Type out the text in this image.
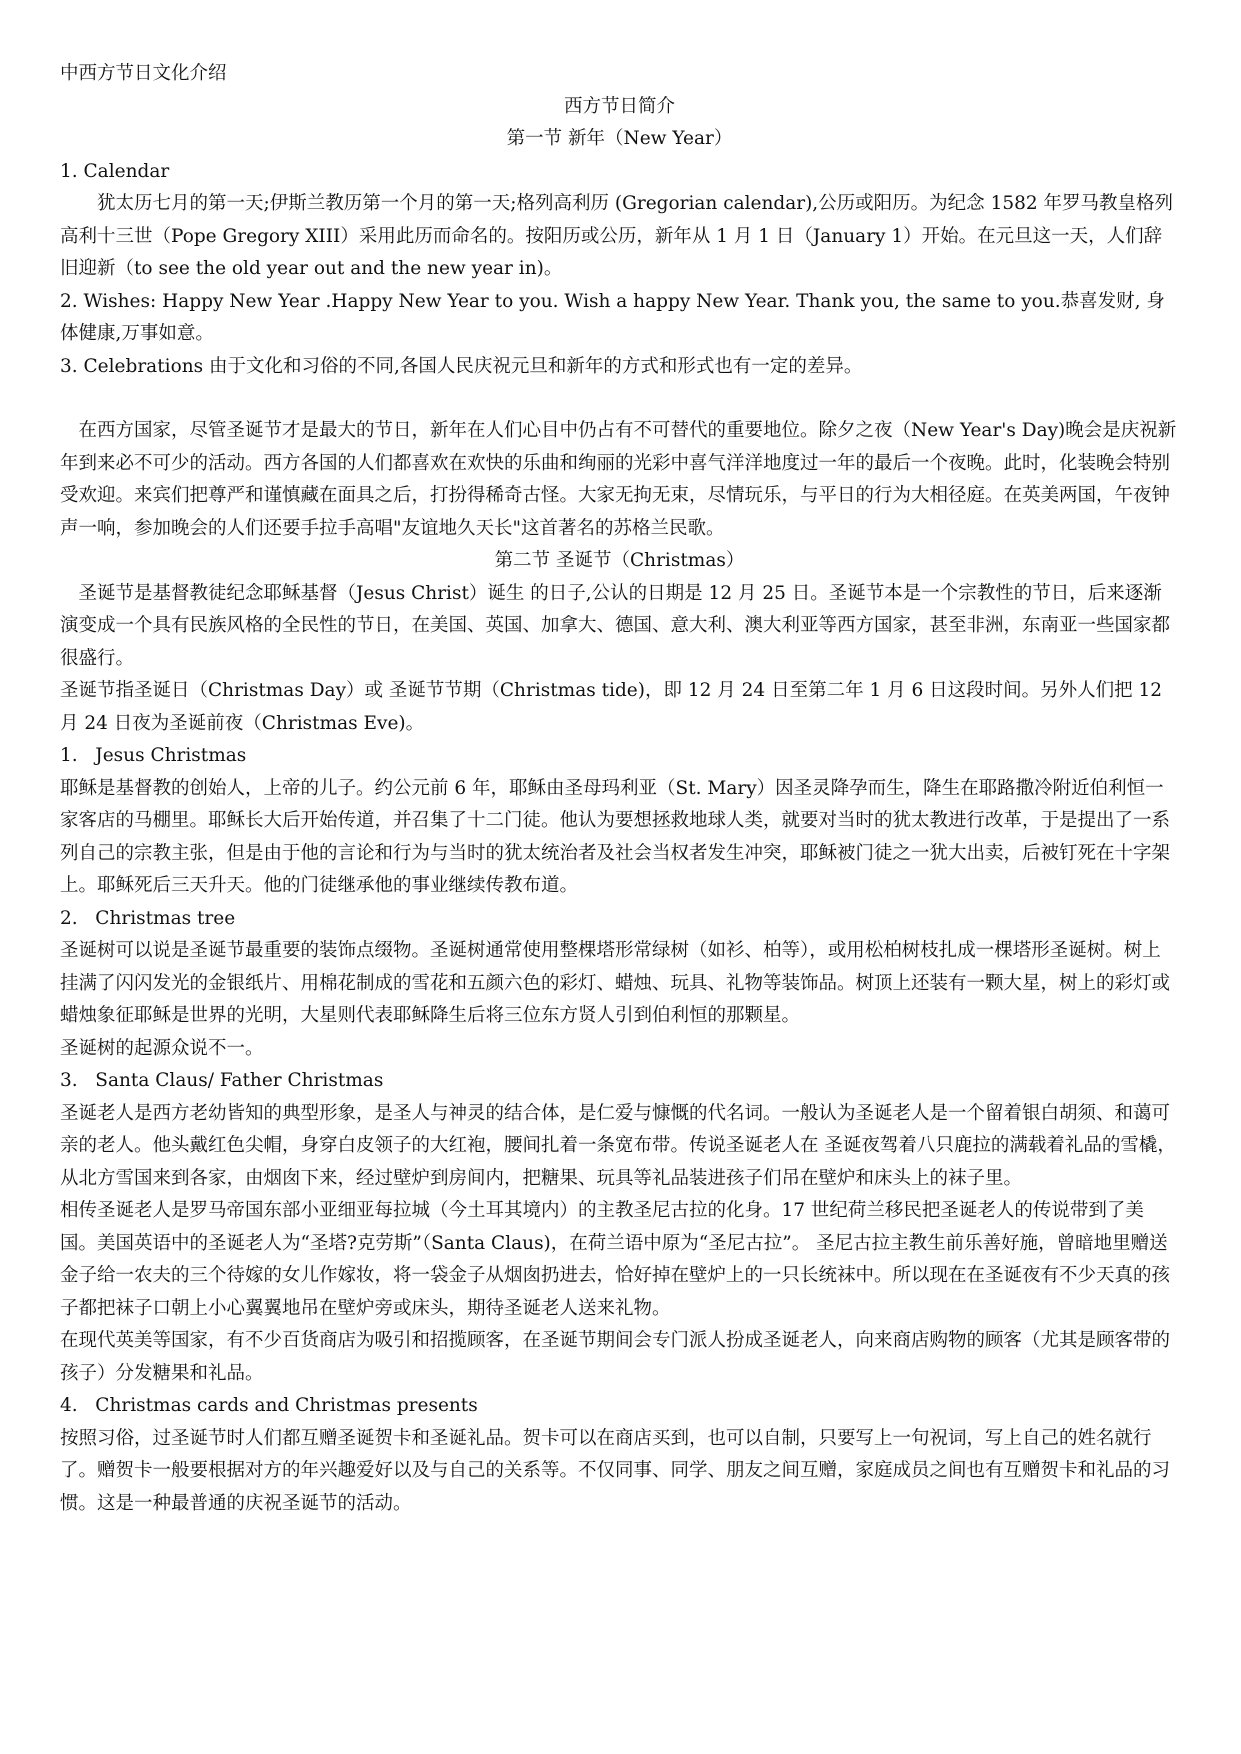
中西方节日文化介绍

西方节日简介

第一节 新年（New Year）

1. Calendar

犹太历七月的第一天;伊斯兰教历第一个月的第一天;格列高利历 (Gregorian calendar),公历或阳历。为纪念 1582 年罗马教皇格列高利十三世（Pope Gregory XIII）采用此历而命名的。按阳历或公历，新年从 1 月 1 日（January 1）开始。在元旦这一天，人们辞旧迎新（to see the old year out and the new year in)。

2. Wishes: Happy New Year .Happy New Year to you. Wish a happy New Year. Thank you, the same to you.恭喜发财, 身体健康,万事如意。

3. Celebrations 由于文化和习俗的不同,各国人民庆祝元旦和新年的方式和形式也有一定的差异。

在西方国家，尽管圣诞节才是最大的节日，新年在人们心目中仍占有不可替代的重要地位。除夕之夜（New Year's Day)晚会是庆祝新年到来必不可少的活动。西方各国的人们都喜欢在欢快的乐曲和绚丽的光彩中喜气洋洋地度过一年的最后一个夜晚。此时，化装晚会特别受欢迎。来宾们把尊严和谨慎藏在面具之后，打扮得稀奇古怪。大家无拘无束，尽情玩乐，与平日的行为大相径庭。在英美两国，午夜钟声一响，参加晚会的人们还要手拉手高唱"友谊地久天长"这首著名的苏格兰民歌。

第二节 圣诞节（Christmas）

圣诞节是基督教徒纪念耶稣基督（Jesus Christ）诞生 的日子,公认的日期是 12 月 25 日。圣诞节本是一个宗教性的节日，后来逐渐演变成一个具有民族风格的全民性的节日，在美国、英国、加拿大、德国、意大利、澳大利亚等西方国家，甚至非洲，东南亚一些国家都很盛行。

圣诞节指圣诞日（Christmas Day）或 圣诞节节期（Christmas tide)，即 12 月 24 日至第二年 1 月 6 日这段时间。另外人们把 12 月 24 日夜为圣诞前夜（Christmas Eve)。

1.   Jesus Christmas

耶稣是基督教的创始人，上帝的儿子。约公元前 6 年，耶稣由圣母玛利亚（St. Mary）因圣灵降孕而生，降生在耶路撒冷附近伯利恒一家客店的马棚里。耶稣长大后开始传道，并召集了十二门徒。他认为要想拯救地球人类，就要对当时的犹太教进行改革，于是提出了一系列自己的宗教主张，但是由于他的言论和行为与当时的犹太统治者及社会当权者发生冲突，耶稣被门徒之一犹大出卖，后被钉死在十字架上。耶稣死后三天升天。他的门徒继承他的事业继续传教布道。

2.   Christmas tree

圣诞树可以说是圣诞节最重要的装饰点缀物。圣诞树通常使用整棵塔形常绿树（如衫、柏等），或用松柏树枝扎成一棵塔形圣诞树。树上挂满了闪闪发光的金银纸片、用棉花制成的雪花和五颜六色的彩灯、蜡烛、玩具、礼物等装饰品。树顶上还装有一颗大星，树上的彩灯或蜡烛象征耶稣是世界的光明，大星则代表耶稣降生后将三位东方贤人引到伯利恒的那颗星。

圣诞树的起源众说不一。

3.   Santa Claus/ Father Christmas

圣诞老人是西方老幼皆知的典型形象，是圣人与神灵的结合体，是仁爱与慷慨的代名词。一般认为圣诞老人是一个留着银白胡须、和蔼可亲的老人。他头戴红色尖帽，身穿白皮领子的大红袍，腰间扎着一条宽布带。传说圣诞老人在 圣诞夜驾着八只鹿拉的满载着礼品的雪橇，从北方雪国来到各家，由烟囱下来，经过壁炉到房间内，把糖果、玩具等礼品装进孩子们吊在壁炉和床头上的袜子里。

相传圣诞老人是罗马帝国东部小亚细亚每拉城（今土耳其境内）的主教圣尼古拉的化身。17 世纪荷兰移民把圣诞老人的传说带到了美国。美国英语中的圣诞老人为“圣塔?克劳斯”（Santa Claus)，在荷兰语中原为“圣尼古拉”。 圣尼古拉主教生前乐善好施，曾暗地里赠送金子给一农夫的三个待嫁的女儿作嫁妆，将一袋金子从烟囱扔进去，恰好掉在壁炉上的一只长统袜中。所以现在在圣诞夜有不少天真的孩子都把袜子口朝上小心翼翼地吊在壁炉旁或床头，期待圣诞老人送来礼物。

在现代英美等国家，有不少百货商店为吸引和招揽顾客，在圣诞节期间会专门派人扮成圣诞老人，向来商店购物的顾客（尤其是顾客带的孩子）分发糖果和礼品。

4.   Christmas cards and Christmas presents

按照习俗，过圣诞节时人们都互赠圣诞贺卡和圣诞礼品。贺卡可以在商店买到，也可以自制，只要写上一句祝词，写上自己的姓名就行了。赠贺卡一般要根据对方的年兴趣爱好以及与自己的关系等。不仅同事、同学、朋友之间互赠，家庭成员之间也有互赠贺卡和礼品的习惯。这是一种最普通的庆祝圣诞节的活动。
